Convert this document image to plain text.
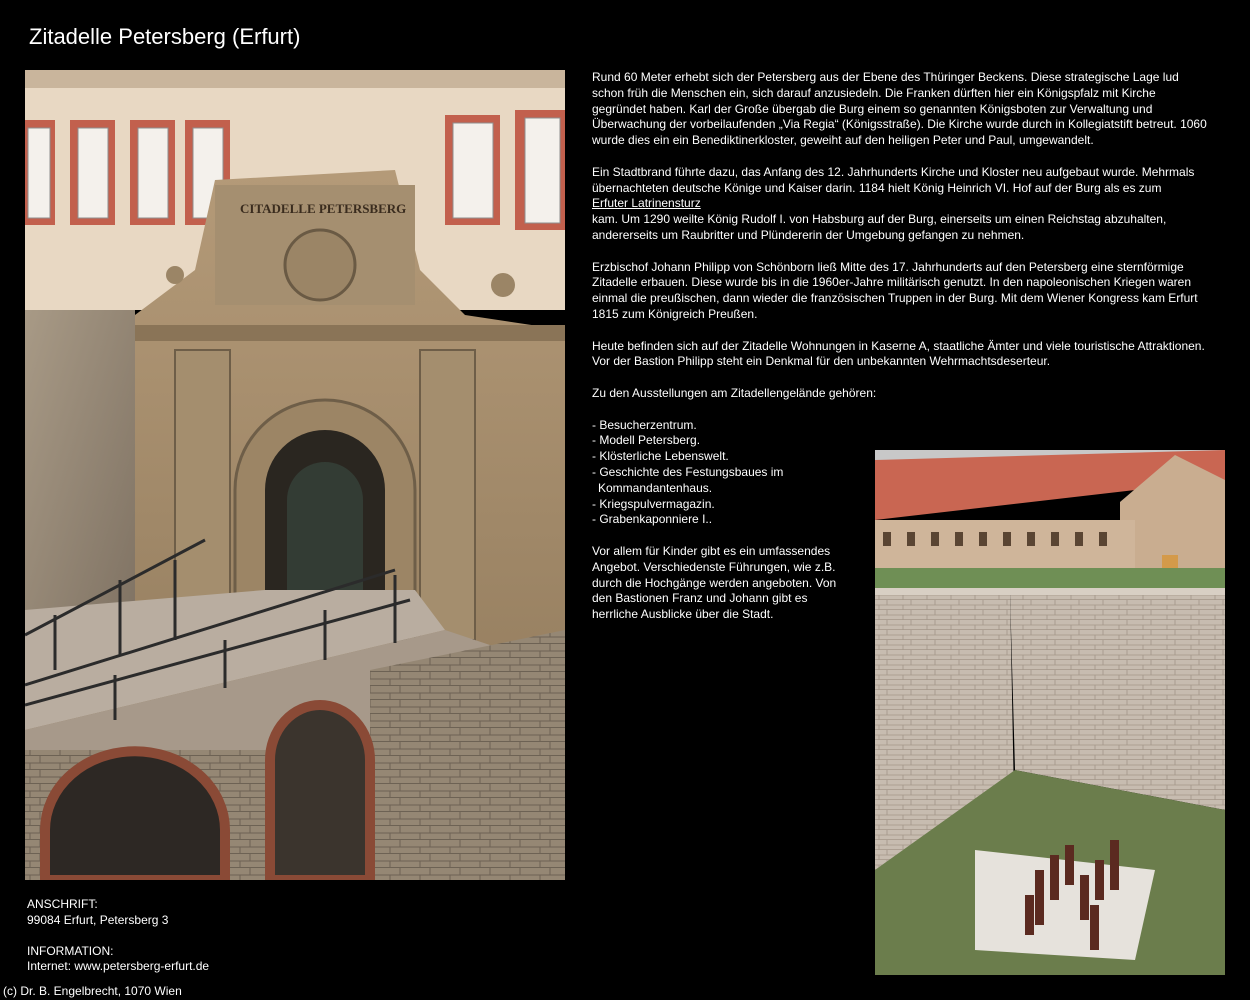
Zitadelle Petersberg (Erfurt)
CITADELLE PETERSBERG

Rund 60 Meter erhebt sich der Petersberg aus der Ebene des Thüringer Beckens. Diese strategische Lage lud schon früh die Menschen ein, sich darauf anzusiedeln. Die Franken dürften hier ein Königspfalz mit Kirche gegründet haben. Karl der Große übergab die Burg einem so genannten Königsboten zur Verwaltung und Überwachung der vorbeilaufenden „Via Regia“ (Königsstraße). Die Kirche wurde durch in Kollegiatstift betreut. 1060 wurde dies ein ein Benediktinerkloster, geweiht auf den heiligen Peter und Paul, umgewandelt.

Ein Stadtbrand führte dazu, das Anfang des 12. Jahrhunderts Kirche und Kloster neu aufgebaut wurde. Mehrmals übernachteten deutsche Könige und Kaiser darin. 1184 hielt König Heinrich VI. Hof auf der Burg als es zum
Erfuter Latrinensturz
kam. Um 1290 weilte König Rudolf I. von Habsburg auf der Burg, einerseits um einen Reichstag abzuhalten, andererseits um Raubritter und Plündererin der Umgebung gefangen zu nehmen.

Erzbischof Johann Philipp von Schönborn ließ Mitte des 17. Jahrhunderts auf den Petersberg eine sternförmige Zitadelle erbauen. Diese wurde bis in die 1960er-Jahre militärisch genutzt. In den napoleonischen Kriegen waren einmal die preußischen, dann wieder die französischen Truppen in der Burg. Mit dem Wiener Kongress kam Erfurt 1815 zum Königreich Preußen.

Heute befinden sich auf der Zitadelle Wohnungen in Kaserne A, staatliche Ämter und viele touristische Attraktionen. Vor der Bastion Philipp steht ein Denkmal für den unbekannten Wehrmachtsdeserteur.

Zu den Ausstellungen am Zitadellengelände gehören:

- Besucherzentrum.
- Modell Petersberg.
- Klösterliche Lebenswelt.
- Geschichte des Festungsbaues im Kommandantenhaus.
- Kriegspulvermagazin.
- Grabenkaponniere I..

Vor allem für Kinder gibt es ein umfassendes Angebot. Verschiedenste Führungen, wie z.B. durch die Hochgänge werden angeboten. Von den Bastionen Franz und Johann gibt es herrliche Ausblicke über die Stadt.

ANSCHRIFT:
99084 Erfurt, Petersberg 3
INFORMATION:
Internet: www.petersberg-erfurt.de
(c) Dr. B. Engelbrecht, 1070 Wien
